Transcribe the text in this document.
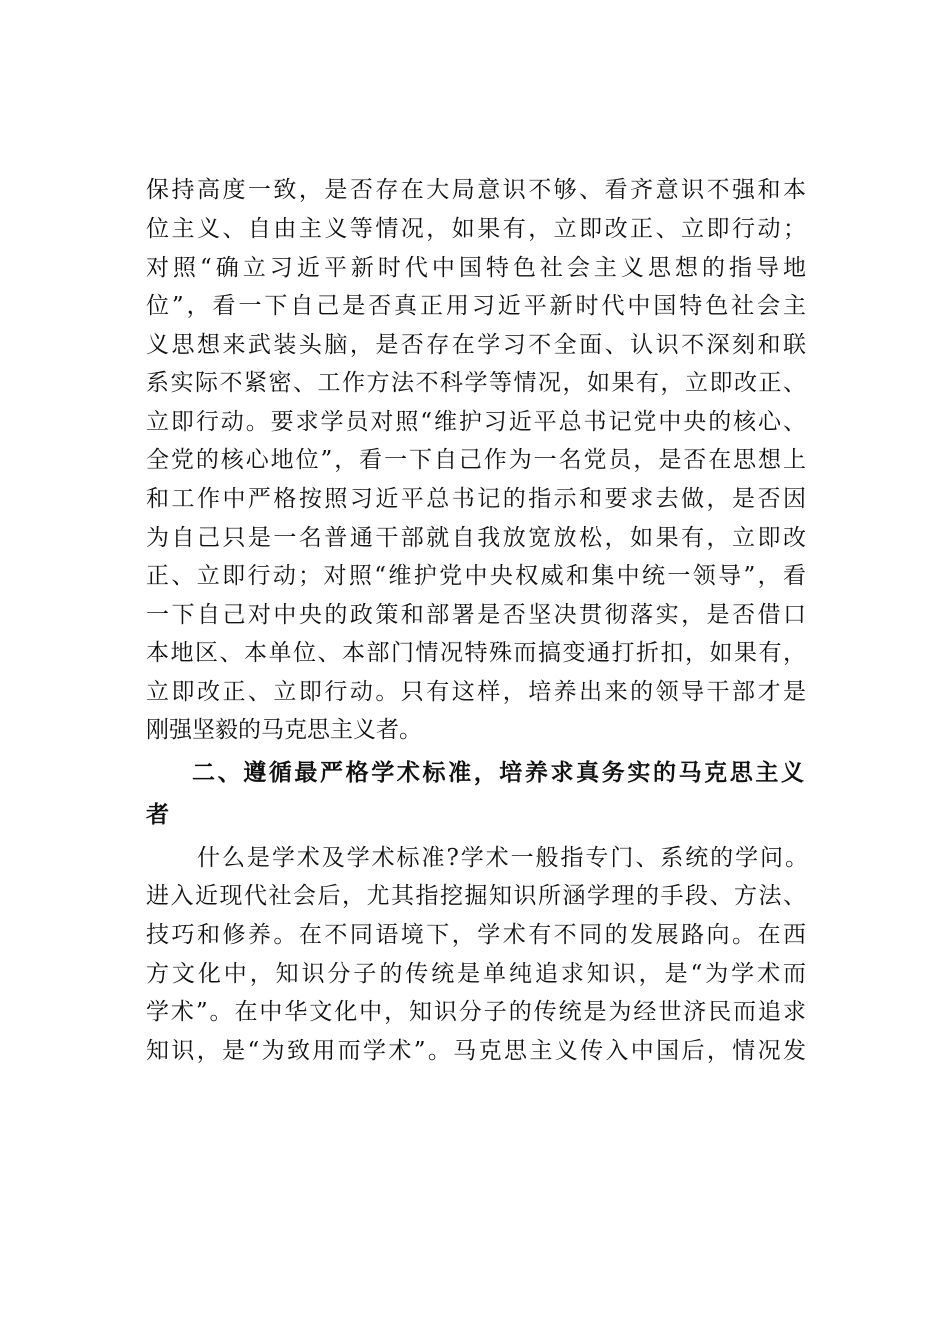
保持高度一致，是否存在大局意识不够、看齐意识不强和本
位主义、自由主义等情况，如果有，立即改正、立即行动；
对照“确立习近平新时代中国特色社会主义思想的指导地
位”，看一下自己是否真正用习近平新时代中国特色社会主
义思想来武装头脑，是否存在学习不全面、认识不深刻和联
系实际不紧密、工作方法不科学等情况，如果有，立即改正、
立即行动。要求学员对照“维护习近平总书记党中央的核心、
全党的核心地位”，看一下自己作为一名党员，是否在思想上
和工作中严格按照习近平总书记的指示和要求去做，是否因
为自己只是一名普通干部就自我放宽放松，如果有，立即改
正、立即行动；对照“维护党中央权威和集中统一领导”，看
一下自己对中央的政策和部署是否坚决贯彻落实，是否借口
本地区、本单位、本部门情况特殊而搞变通打折扣，如果有，
立即改正、立即行动。只有这样，培养出来的领导干部才是
刚强坚毅的马克思主义者。
二、遵循最严格学术标准，培养求真务实的马克思主义
者
什么是学术及学术标准?学术一般指专门、系统的学问。
进入近现代社会后，尤其指挖掘知识所涵学理的手段、方法、
技巧和修养。在不同语境下，学术有不同的发展路向。在西
方文化中，知识分子的传统是单纯追求知识，是“为学术而
学术”。在中华文化中，知识分子的传统是为经世济民而追求
知识，是“为致用而学术”。马克思主义传入中国后，情况发
